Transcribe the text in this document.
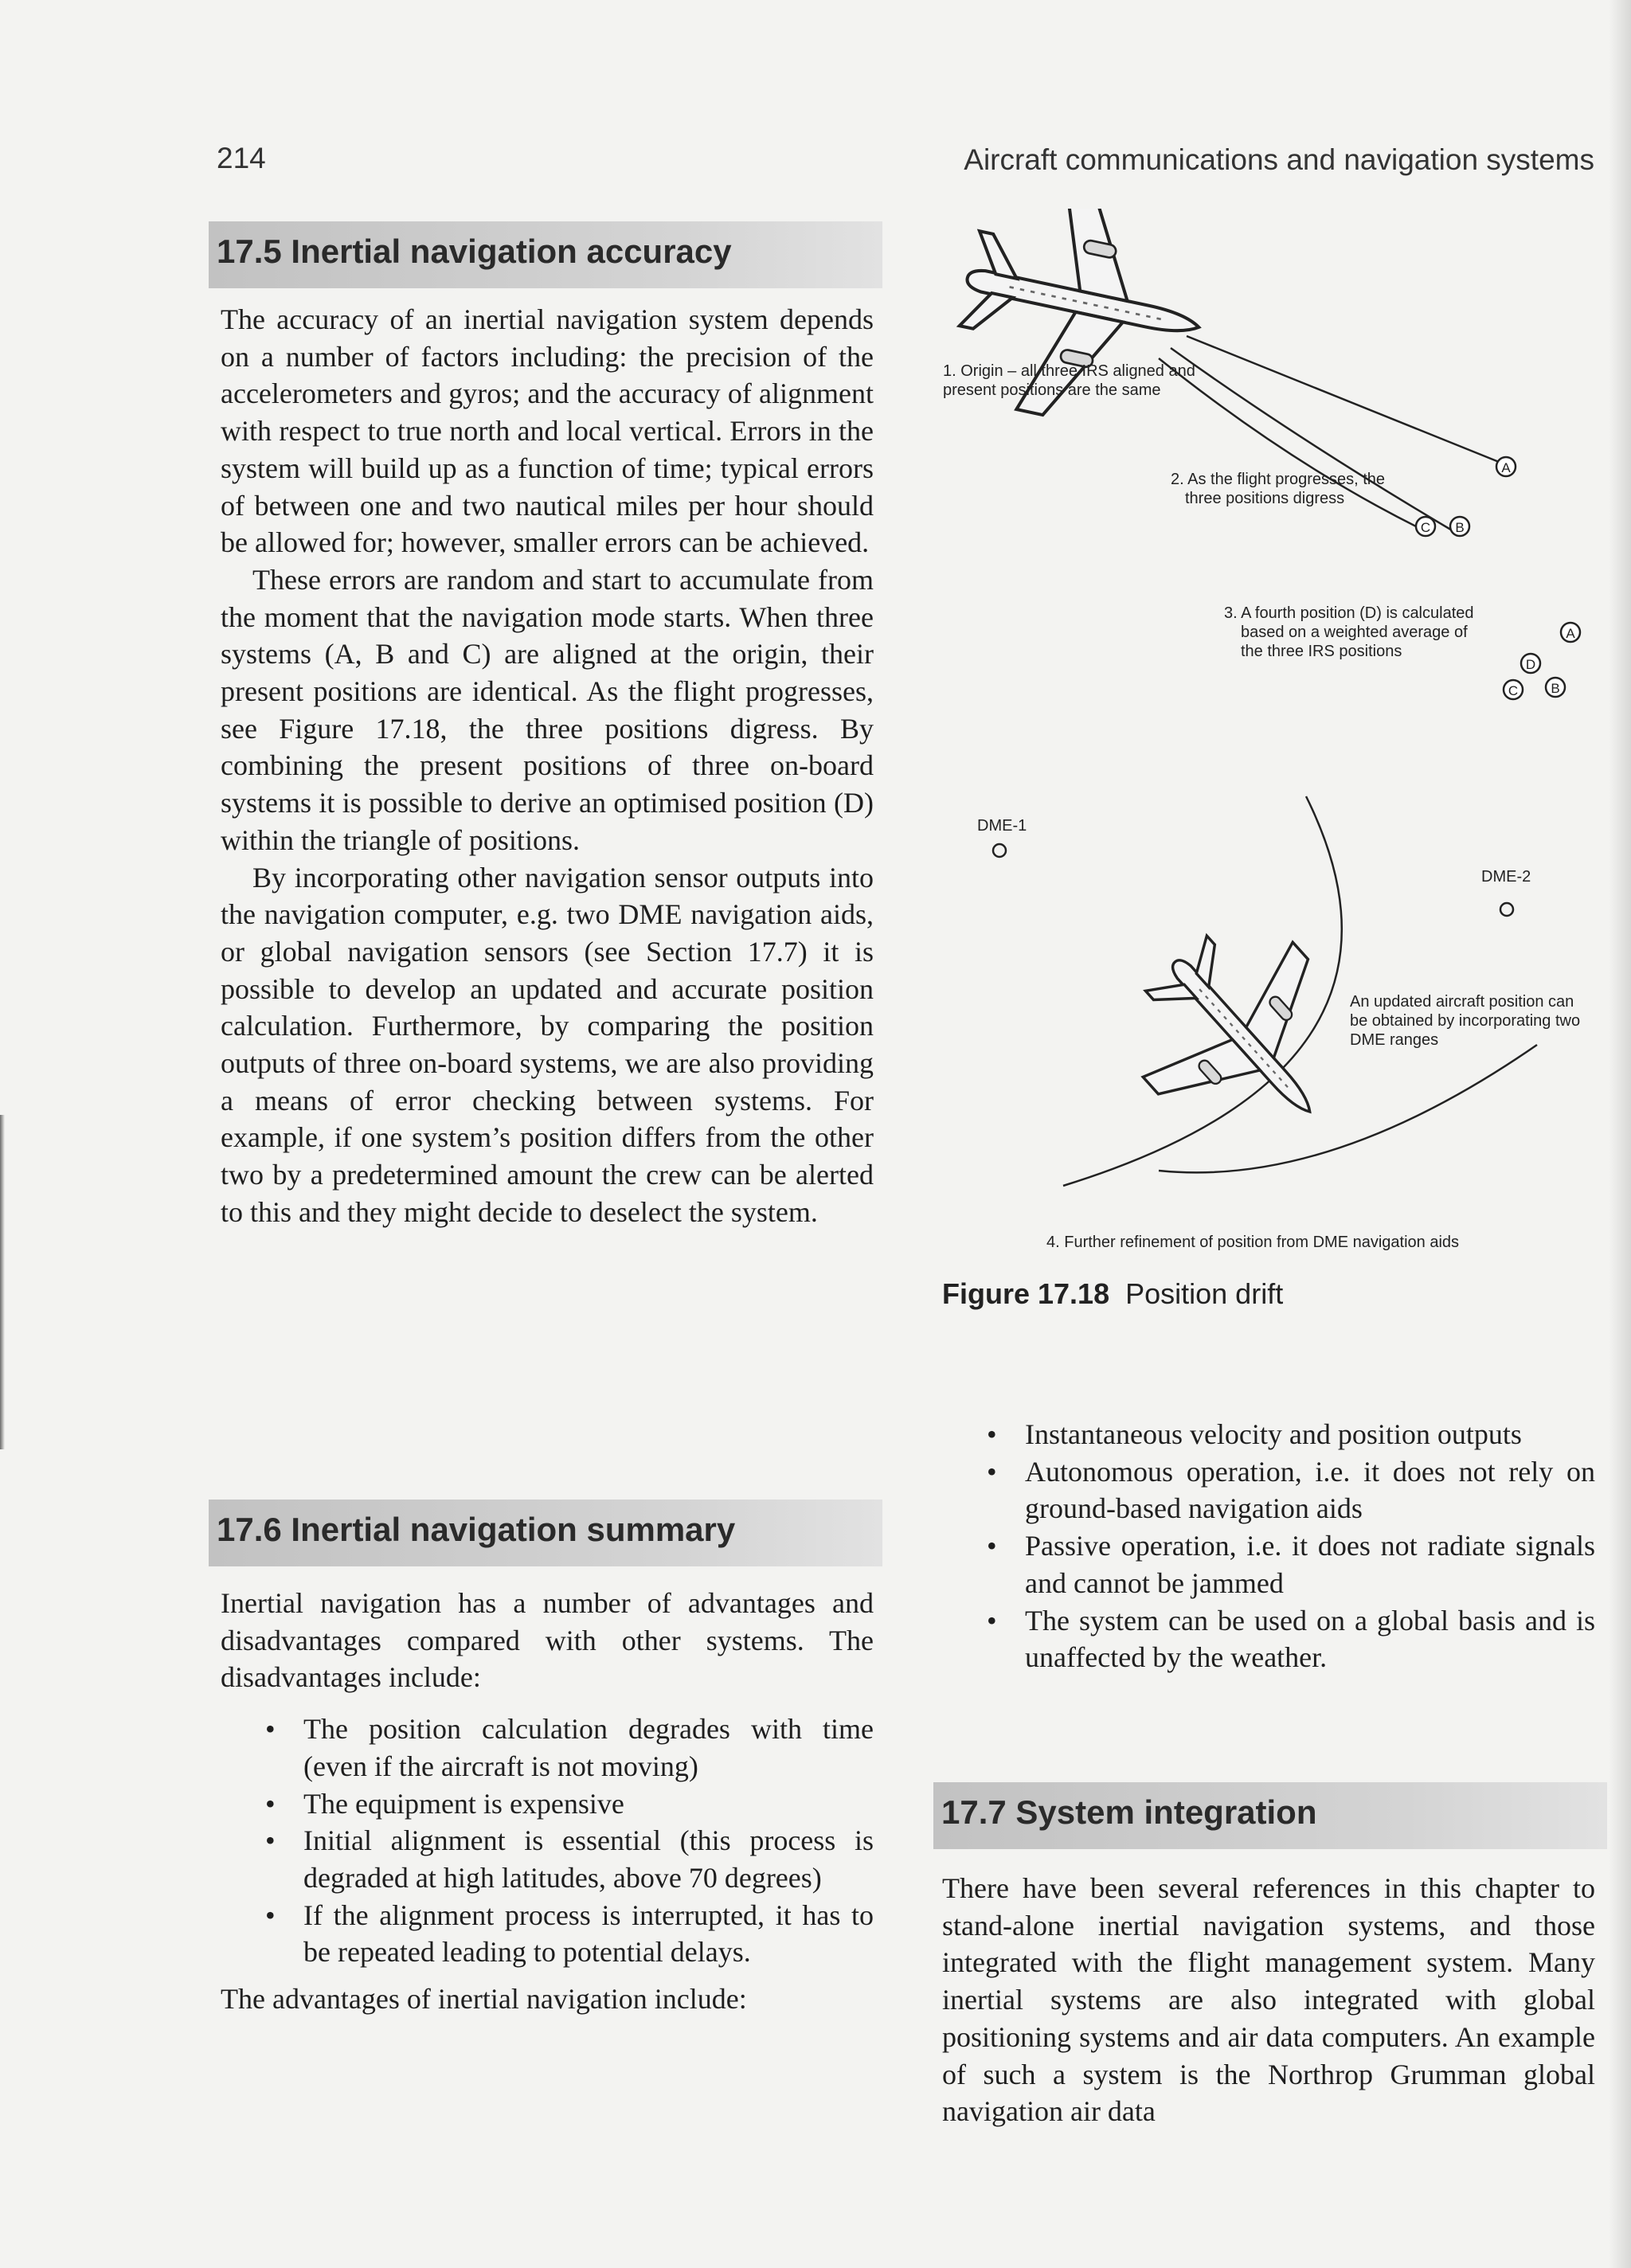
214	Aircraft communications and navigation systems
17.5 Inertial navigation accuracy

The accuracy of an inertial navigation system depends on a number of factors including: the precision of the accelerometers and gyros; and the accuracy of alignment with respect to true north and local vertical. Errors in the system will build up as a function of time; typical errors of between one and two nautical miles per hour should be allowed for; however, smaller errors can be achieved.

These errors are random and start to accumulate from the moment that the navigation mode starts. When three systems (A, B and C) are aligned at the origin, their present positions are identical. As the flight progresses, see Figure 17.18, the three positions digress. By combining the present positions of three on-board systems it is possible to derive an optimised position (D) within the triangle of positions.

By incorporating other navigation sensor outputs into the navigation computer, e.g. two DME navigation aids, or global navigation sensors (see Section 17.7) it is possible to develop an updated and accurate position calculation. Furthermore, by comparing the position outputs of three on-board systems, we are also providing a means of error checking between systems. For example, if one system’s position differs from the other two by a predetermined amount the crew can be alerted to this and they might decide to deselect the system.

17.6 Inertial navigation summary

Inertial navigation has a number of advantages and disadvantages compared with other systems. The disadvantages include:

• The position calculation degrades with time (even if the aircraft is not moving)
• The equipment is expensive
• Initial alignment is essential (this process is degraded at high latitudes, above 70 degrees)
• If the alignment process is interrupted, it has to be repeated leading to potential delays.

The advantages of inertial navigation include:

• Instantaneous velocity and position outputs
• Autonomous operation, i.e. it does not rely on ground-based navigation aids
• Passive operation, i.e. it does not radiate signals and cannot be jammed
• The system can be used on a global basis and is unaffected by the weather.
17.7 System integration

There have been several references in this chapter to stand-alone inertial navigation systems, and those integrated with the flight management system. Many inertial systems are also integrated with global positioning systems and air data computers. An example of such a system is the Northrop Grumman global navigation air data

1. Origin – all three IRS aligned and
present positions are the same
2. As the flight progresses, the
three positions digress
3. A fourth position (D) is calculated
based on a weighted average of
the three IRS positions
A
B
C
A
D
B
C
DME-1
DME-2
An updated aircraft position can
be obtained by incorporating two
DME ranges
4. Further refinement of position from DME navigation aids
Figure 17.18 Position drift
